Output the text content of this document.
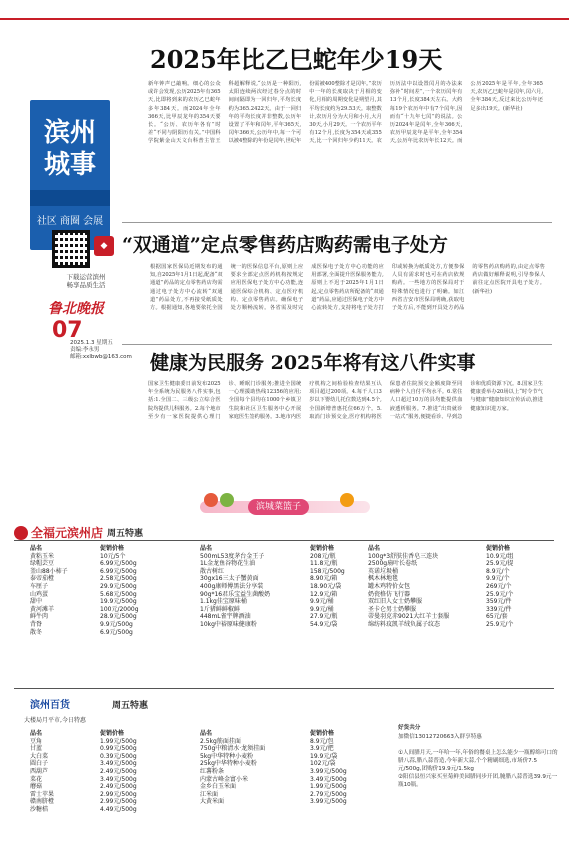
滨州
城事
社区 商圈 会展
◆
下载运营滨州
畅享品质生活
鲁北晚报
07
2025.1.3 星期五
责编:李永男
邮箱:xxlbwb@163.com
2025年比乙巳蛇年少19天
新年钟声已敲响。细心的公众或许会发现,公历2025年有365天,比即将到来的农历乙巳蛇年多年384天。而2024年全年366天,比甲辰龙年的354天要长。“公历、农历年各有”时差“不同与阴阳历有关。”中国科学院紫金山天文台科普主管王科超解释说,“公历是一种阳历,太阳连续两次经过春分点的时间间隔即为一回归年,平均长度约为365.2422天。由于一回归年的平均长度并非整数,公历年设置了平年和闰年,平年365天,闰年366天,公历年中,每一个可以被4整除的年份是闰年,世纪年份需被400整除才是闰年。”农历中一年的长度取决于月相的变化,月相的周期变化是朔望月,其平均长度约为29.53天。取整数计,农历月分为大月和小月,大月30天,小月29天。一个农历平年有12个月,长度为354天或355天,比一个回归年少约11天。农历历法中以设置闰月的办法来弥补“时间差”,一个农历闰年有13个月,长度384天左右。大约每19个农历年中有7个闰年,因而有“十九年七闰”的说法。公历2024年是闰年,全年366天,农历甲辰龙年是平年,全年354天,公历年比农历年长12天。而公历2025年是平年,全年365天,农历乙巳蛇年是闰年,闰六月,全年384天,反过来比公历年还足多出19天。(新华社)
“双通道”定点零售药店购药需电子处方
根据国家医保局近期发布的通知,自2025年1月1日起,配备“双通道”药品的定点零售药店均需通过电子处方中心流转“双通道”药品处方,不再接受纸质处方。根据通知,各地要依托全国统一的医保信息平台,原则上应要求全部定点医药机构按规定应用医保电子处方中心功能,连通医保综合机构、定点医疗机构、定点零售药店。确保电子处方顺畅流转。各省需及时完成医保电子处方中心功能的应用部署,全面提升医保服务能力,原则上不迟于2025年1月1日起,定点零售药店所配备的“双通道”药品,应通过医保电子处方中心流转处方,支持将电子处方打印或转换为纸质处方,方便参保人员有需求时也可在药店依规购药。一些地方的医保局对于特殊情况也进行了明确。如江西省吉安市医保局明确,获取电子处方后,不能到开具处方药品的零售药店购药的,由定点零售药店做好解释说明,引导参保人前往定点医院开具电子处方。(新华社)
健康为民服务 2025年将有这八件实事
国家卫生健康委日前发布2025年全系统为民服务八件实事,包括:1.全国二、三级公立综合医院均提供儿科服务。2.每个地市至少有一家医院提供心理门诊、睡眠门诊服务;推进全国统一心理援助热线12356的应用;全国每个县均在1000个乡镇卫生院和社区卫生服务中心开展家庭医生签约服务。3.地市内医疗机构之间检验检查结果互认项目超过200项。4.每千人口3岁以下婴幼儿托位数达到4.5个,全国新增普惠托位66万个。5.取消门诊预交金,医疗机构将医保患者住院预交金额度降至同病种个人自付平均水平。6.常住人口超过10万的县均能提供血液透析服务。7.推进“出贵就诊一站式”服务,便捷看诊、早到急诊和优质资源下沉。8.国家卫生健康委举办20场以上“时令节气与健康”健康知识宣传活动,推进健康知识进万家。
滨城菜篮子
全福元滨州店 周五特惠
品名	促销价格
黄粘玉米	10元/5个
绿帽芸豆	6.99元/500g
釜山88小柿子	6.99元/500g
泰帝茄橙	2.58元/500g
车厘子	29.9元/500g
山鸡蛋	5.68元/500g
甜中	19.9元/500g
黄河滩羊	100元/2000g
鲜牛肉	28.9元/500g
背脊	9.9元/500g
散冬	6.9元/500g
品名	促销价格
500mL53度茅台金王子	208元/瓶
1L金龙鱼谷物花生油	11.8元/瓶
散古树红	158元/500g
30gx16三太子蟹黄面	8.90元/箱
400g康师傅黑法分享装	18.90元/袋
90g*16君乐宝益生菌酸奶	12.9元/箱
1.1kg佳宝原味桶	9.9元/桶
1斤猪鲜鲜椒鲜	9.9元/桶
448mL雀宇牌酒油	27.9元/瓶
10kg中裕原味健康粉	54.9元/袋
品名	促销价格
100g*3舒肤佳香皂三连块	10.9元/组
2500g扇叶长卷纸	25.9元/提
英诺垃圾桶	8.9元/个
枫木林地毯	9.9元/个
罐木鸡特价女包	269元/个
奶瓷格仿飞行器	25.9元/个
双红旧人女士奶攀服	359元/件
圣卡仑男士奶攀服	339元/件
蒂曼羽克赤9021大红羊士套服	65元/套
绵纺料玟凯羊绒负属子纹态	25.9元/个
滨州百货	周五特惠
大楼局月平市,今日特惠
品名	促销价格
豆角	1.99元/500g
甘蓝	0.99元/500g
大白菜	0.39元/500g
圆白子	3.49元/500g
西葫芦	2.49元/500g
菜花	3.49元/500g
蘑菇	2.49元/500g
雷士苹果	2.99元/500g
赣南脐橙	2.99元/500g
沙糖桔	4.49元/500g
品名	促销价格
2.5kg筋面挂面	8.9元/包
750g中粮清水·龙须挂面	3.9元/把
5kg中华特种小麦粉	19.9元/袋
25kg中华特种小麦粉	102元/袋
红薯粉条	3.99元/500g
内蒙古峰金富小米	3.49元/500g
金乡白玉米面	1.99元/500g
江米面	2.79元/500g
大黄米面	3.99元/500g
好货共分
加微信13012720663入群享特惠

①人间腊月天,一年哈一年,年俗的餐桌上怎么能少一瓶醇绵可口的腊八蒜,腊八蒜普造,今年新大蒜,个个精刷细选,市场价7.5元/500g,团购价19.9元/1.5kg
②阳信县恒兴家买至菊鲜美园腊同步开团,腌腊八蒜普选39.9元一瓶10瓶。
